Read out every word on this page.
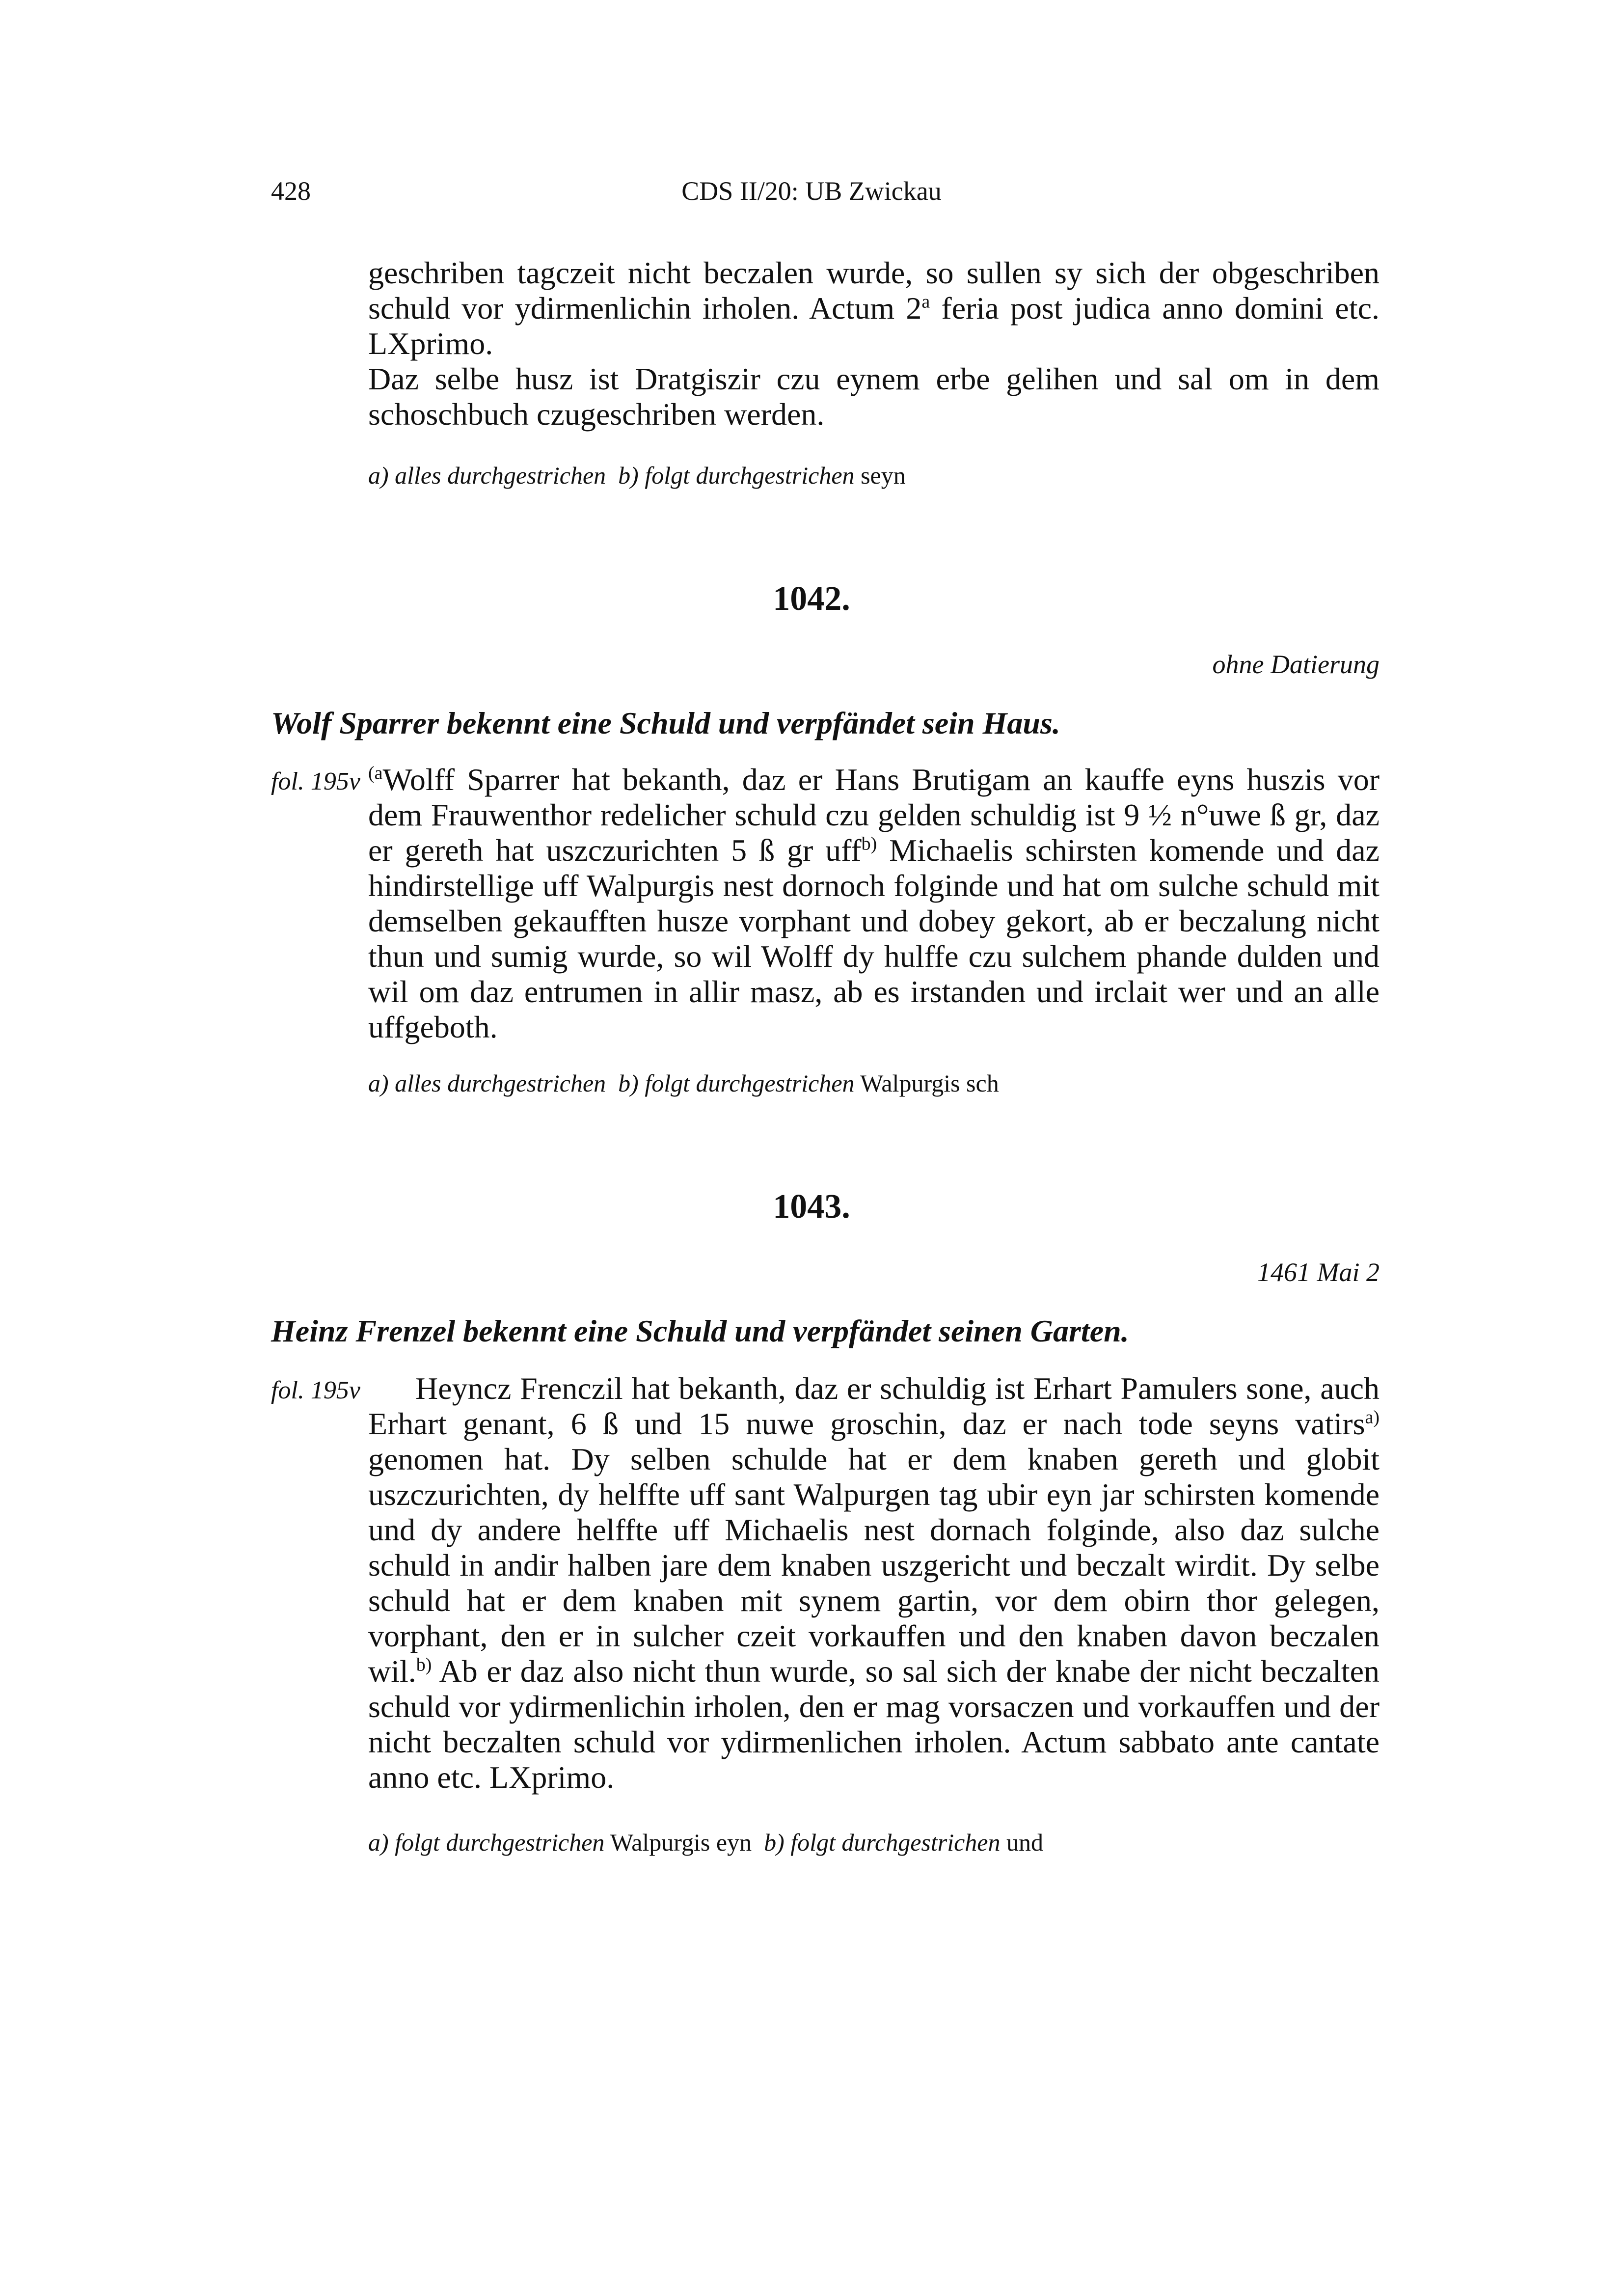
428	CDS II/20: UB Zwickau

geschriben tagczeit nicht beczalen wurde, so sullen sy sich der obgeschriben schuld vor ydirmenlichin irholen. Actum 2$^a$ feria post judica anno domini etc. LXprimo.

Daz selbe husz ist Dratgiszir czu eynem erbe gelihen und sal om in dem schoschbuch czugeschriben werden.

a) alles durchgestrichen b) folgt durchgestrichen seyn
1042.
ohne Datierung
Wolf Sparrer bekennt eine Schuld und verpfändet sein Haus.
fol. 195v $^{(a}$Wolff Sparrer hat bekanth, daz er Hans Brutigam an kauffe eyns huszis vor dem Frauwenthor redelicher schuld czu gelden schuldig ist 9 ½ n°uwe ß gr, daz er gereth hat uszczurichten 5 ß gr uff$^{b)}$ Michaelis schirsten komende und daz hindirstellige uff Walpurgis nest dornoch folginde und hat om sulche schuld mit demselben gekaufften husze vorphant und dobey gekort, ab er beczalung nicht thun und sumig wurde, so wil Wolff dy hulffe czu sulchem phande dulden und wil om daz entrumen in allir masz, ab es irstanden und irclait wer und an alle uffgeboth.

a) alles durchgestrichen b) folgt durchgestrichen Walpurgis sch
1043.
1461 Mai 2
Heinz Frenzel bekennt eine Schuld und verpfändet seinen Garten.
fol. 195v	Heyncz Frenczil hat bekanth, daz er schuldig ist Erhart Pamulers sone, auch Erhart genant, 6 ß und 15 nuwe groschin, daz er nach tode seyns vatirs$^{a)}$ genomen hat. Dy selben schulde hat er dem knaben gereth und globit uszczurichten, dy helffte uff sant Walpurgen tag ubir eyn jar schirsten komende und dy andere helffte uff Michaelis nest dornach folginde, also daz sulche schuld in andir halben jare dem knaben uszgericht und beczalt wirdit. Dy selbe schuld hat er dem knaben mit synem gartin, vor dem obirn thor gelegen, vorphant, den er in sulcher czeit vorkauffen und den knaben davon beczalen wil.$^{b)}$ Ab er daz also nicht thun wurde, so sal sich der knabe der nicht beczalten schuld vor ydirmenlichin irholen, den er mag vorsaczen und vorkauffen und der nicht beczalten schuld vor ydirmenlichen irholen. Actum sabbato ante cantate anno etc. LXprimo.

a) folgt durchgestrichen Walpurgis eyn b) folgt durchgestrichen und
